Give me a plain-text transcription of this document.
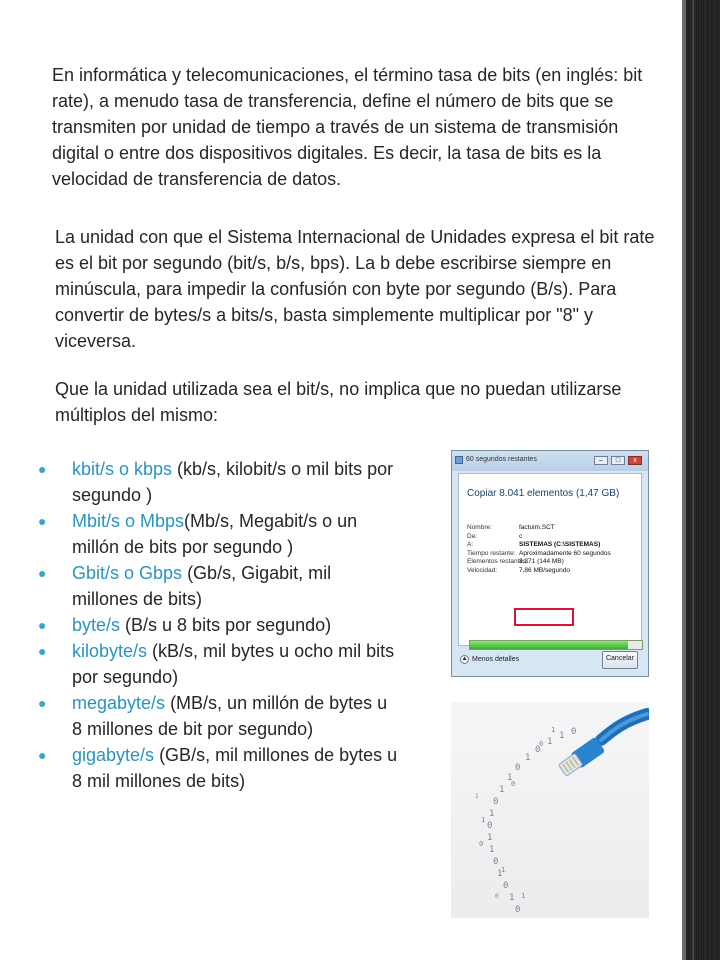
En informática y telecomunicaciones, el término tasa de bits (en inglés: bit rate), a menudo tasa de transferencia, define el número de bits que se transmiten por unidad de tiempo a través de un sistema de transmisión digital o entre dos dispositivos digitales. Es decir, la tasa de bits es la velocidad de transferencia de datos.

La unidad con que el Sistema Internacional de Unidades expresa el bit rate es el bit por segundo (bit/s, b/s, bps). La b debe escribirse siempre en minúscula, para impedir la confusión con byte por segundo (B/s). Para convertir de bytes/s a bits/s, basta simplemente multiplicar por "8" y viceversa.

Que la unidad utilizada sea el bit/s, no implica que no puedan utilizarse múltiplos del mismo:

● kbit/s o kbps (kb/s, kilobit/s o mil bits por segundo )
● Mbit/s o Mbps(Mb/s, Megabit/s o un millón de bits por segundo )
● Gbit/s o Gbps (Gb/s, Gigabit, mil millones de bits)
● byte/s (B/s u 8 bits por segundo)
● kilobyte/s (kB/s, mil bytes u ocho mil bits por segundo)
● megabyte/s (MB/s, un millón de bytes u 8 millones de bit por segundo)
● gigabyte/s (GB/s, mil millones de bytes u 8 mil millones de bits)
60 segundos restantes	–	□	x
Copiar 8.041 elementos (1,47 GB)
Nombre:	factuim.SCT
De:	c
A:	SISTEMAS (C:\SISTEMAS)
Tiempo restante: Aproximadamente 60 segundos
Elementos restantes:
3.371 (144 MB)
Velocidad:	7,86 MB/segundo
▲ Menos detalles	Cancelar
0
1
1
0
1
0
1
1
0
1
0
1
1
0
1
0
1
0
1
0
0
1
0
1
1
0
1
